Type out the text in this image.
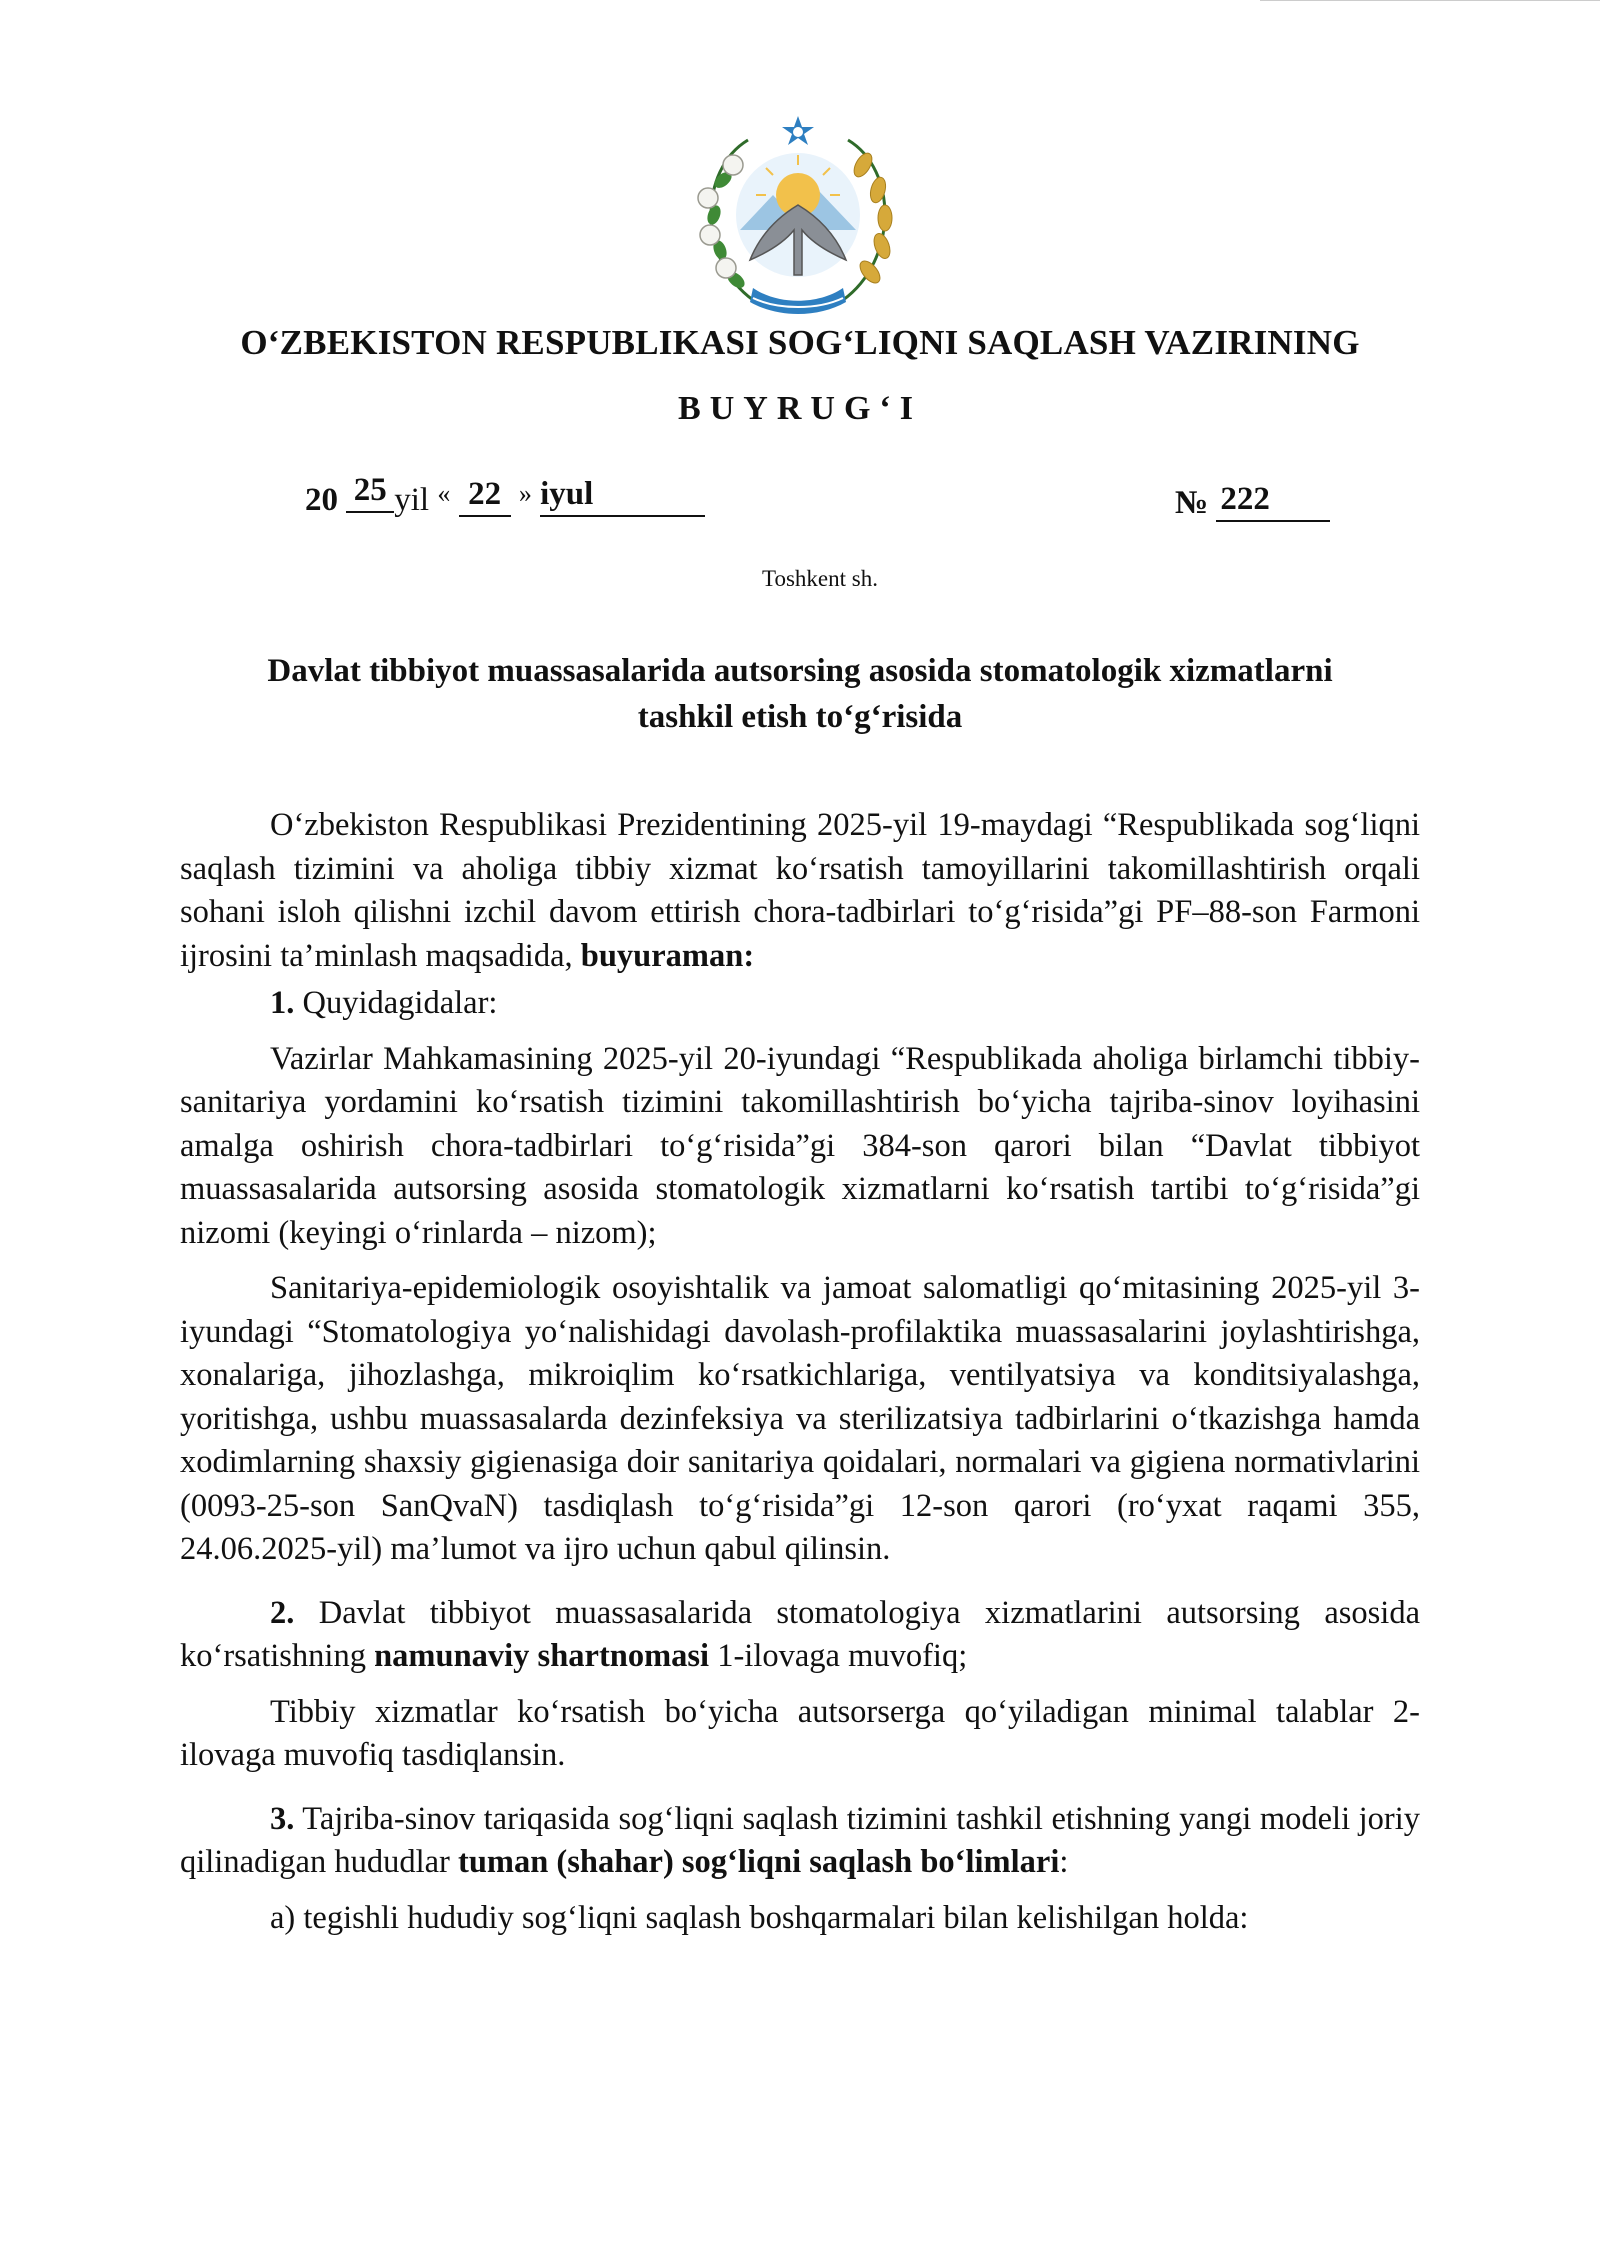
O‘ZBEKISTON RESPUBLIKASI SOG‘LIQNI SAQLASH VAZIRINING
BUYRUG‘I
20 25 yil « 22 » iyul	№ 222
Toshkent sh.
Davlat tibbiyot muassasalarida autsorsing asosida stomatologik xizmatlarni
tashkil etish to‘g‘risida

O‘zbekiston Respublikasi Prezidentining 2025-yil 19-maydagi “Respublikada sog‘liqni saqlash tizimini va aholiga tibbiy xizmat ko‘rsatish tamoyillarini takomillashtirish orqali sohani isloh qilishni izchil davom ettirish chora-tadbirlari to‘g‘risida”gi PF–88-son Farmoni ijrosini ta’minlash maqsadida, buyuraman:

1. Quyidagidalar:

Vazirlar Mahkamasining 2025-yil 20-iyundagi “Respublikada aholiga birlamchi tibbiy-sanitariya yordamini ko‘rsatish tizimini takomillashtirish bo‘yicha tajriba-sinov loyihasini amalga oshirish chora-tadbirlari to‘g‘risida”gi 384-son qarori bilan “Davlat tibbiyot muassasalarida autsorsing asosida stomatologik xizmatlarni ko‘rsatish tartibi to‘g‘risida”gi nizomi (keyingi o‘rinlarda – nizom);

Sanitariya-epidemiologik osoyishtalik va jamoat salomatligi qo‘mitasining 2025-yil 3-iyundagi “Stomatologiya yo‘nalishidagi davolash-profilaktika muassasalarini joylashtirishga, xonalariga, jihozlashga, mikroiqlim ko‘rsatkichlariga, ventilyatsiya va konditsiyalashga, yoritishga, ushbu muassasalarda dezinfeksiya va sterilizatsiya tadbirlarini o‘tkazishga hamda xodimlarning shaxsiy gigienasiga doir sanitariya qoidalari, normalari va gigiena normativlarini (0093-25-son SanQvaN) tasdiqlash to‘g‘risida”gi 12-son qarori (ro‘yxat raqami 355, 24.06.2025-yil) ma’lumot va ijro uchun qabul qilinsin.

2. Davlat tibbiyot muassasalarida stomatologiya xizmatlarini autsorsing asosida ko‘rsatishning namunaviy shartnomasi 1-ilovaga muvofiq;

Tibbiy xizmatlar ko‘rsatish bo‘yicha autsorserga qo‘yiladigan minimal talablar 2-ilovaga muvofiq tasdiqlansin.

3. Tajriba-sinov tariqasida sog‘liqni saqlash tizimini tashkil etishning yangi modeli joriy qilinadigan hududlar tuman (shahar) sog‘liqni saqlash bo‘limlari:

a) tegishli hududiy sog‘liqni saqlash boshqarmalari bilan kelishilgan holda:
